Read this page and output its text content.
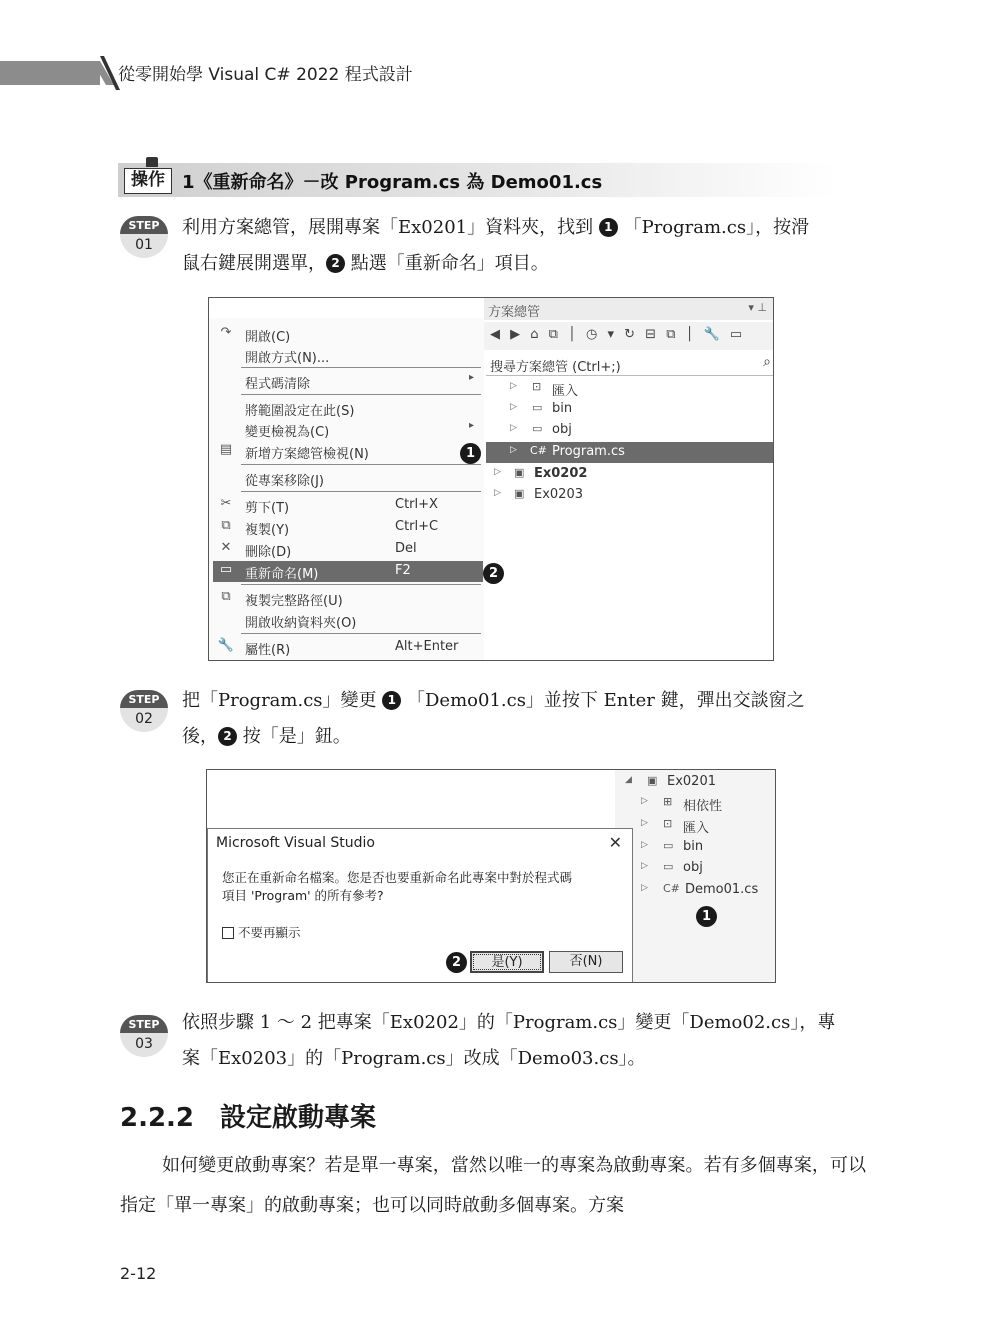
從零開始學 Visual C# 2022 程式設計
操作 1《重新命名》－改 Program.cs 為 Demo01.cs
STEP
01
利用方案總管，展開專案「Ex0201」資料夾，找到 1 「Program.cs」，按滑
鼠右鍵展開選單， 2 點選「重新命名」項目。
↷ 開啟(C)
開啟方式(N)...
程式碼清除	▸
將範圍設定在此(S)
變更檢視為(C)	▸
▤ 新增方案總管檢視(N)
從專案移除(J)
✂ 剪下(T)	Ctrl+X
⧉	複製(Y)	Ctrl+C
✕ 刪除(D)	Del
▭ 重新命名(M)	F2
⧉	複製完整路徑(U)
開啟收納資料夾(O)
🔧 屬性(R)	Alt+Enter
方案總管	▾ ⊥
◀ ▶ ⌂ ⧉ │ ◷ ▾ ↻ ⊟ ⧉ │ 🔧 ▭
搜尋方案總管 (Ctrl+;)	⌕
▷ ⊡ 匯入
▷ ▭ bin
▷ ▭ obj
▷ C# Program.cs
▷ ▣ Ex0202
▷ ▣ Ex0203
1
2
STEP
02
把「Program.cs」變更 1 「Demo01.cs」並按下 Enter 鍵，彈出交談窗之
後， 2 按「是」鈕。
◢ ▣ Ex0201
▷ ⊞ 相依性
▷ ⊡ 匯入
▷ ▭ bin
▷ ▭ obj
▷ C# Demo01.cs
1
Microsoft Visual Studio	✕
您正在重新命名檔案。您是否也要重新命名此專案中對於程式碼
項目 'Program' 的所有參考?
不要再顯示
2	是(Y)	否(N)
STEP
03
依照步驟 1 ～ 2 把專案「Ex0202」的「Program.cs」變更「Demo02.cs」，專
案「Ex0203」的「Program.cs」改成「Demo03.cs」。
2.2.2　設定啟動專案
如何變更啟動專案？若是單一專案，當然以唯一的專案為啟動專案。若有多個專案，可以指定「單一專案」的啟動專案；也可以同時啟動多個專案。方案
2-12
